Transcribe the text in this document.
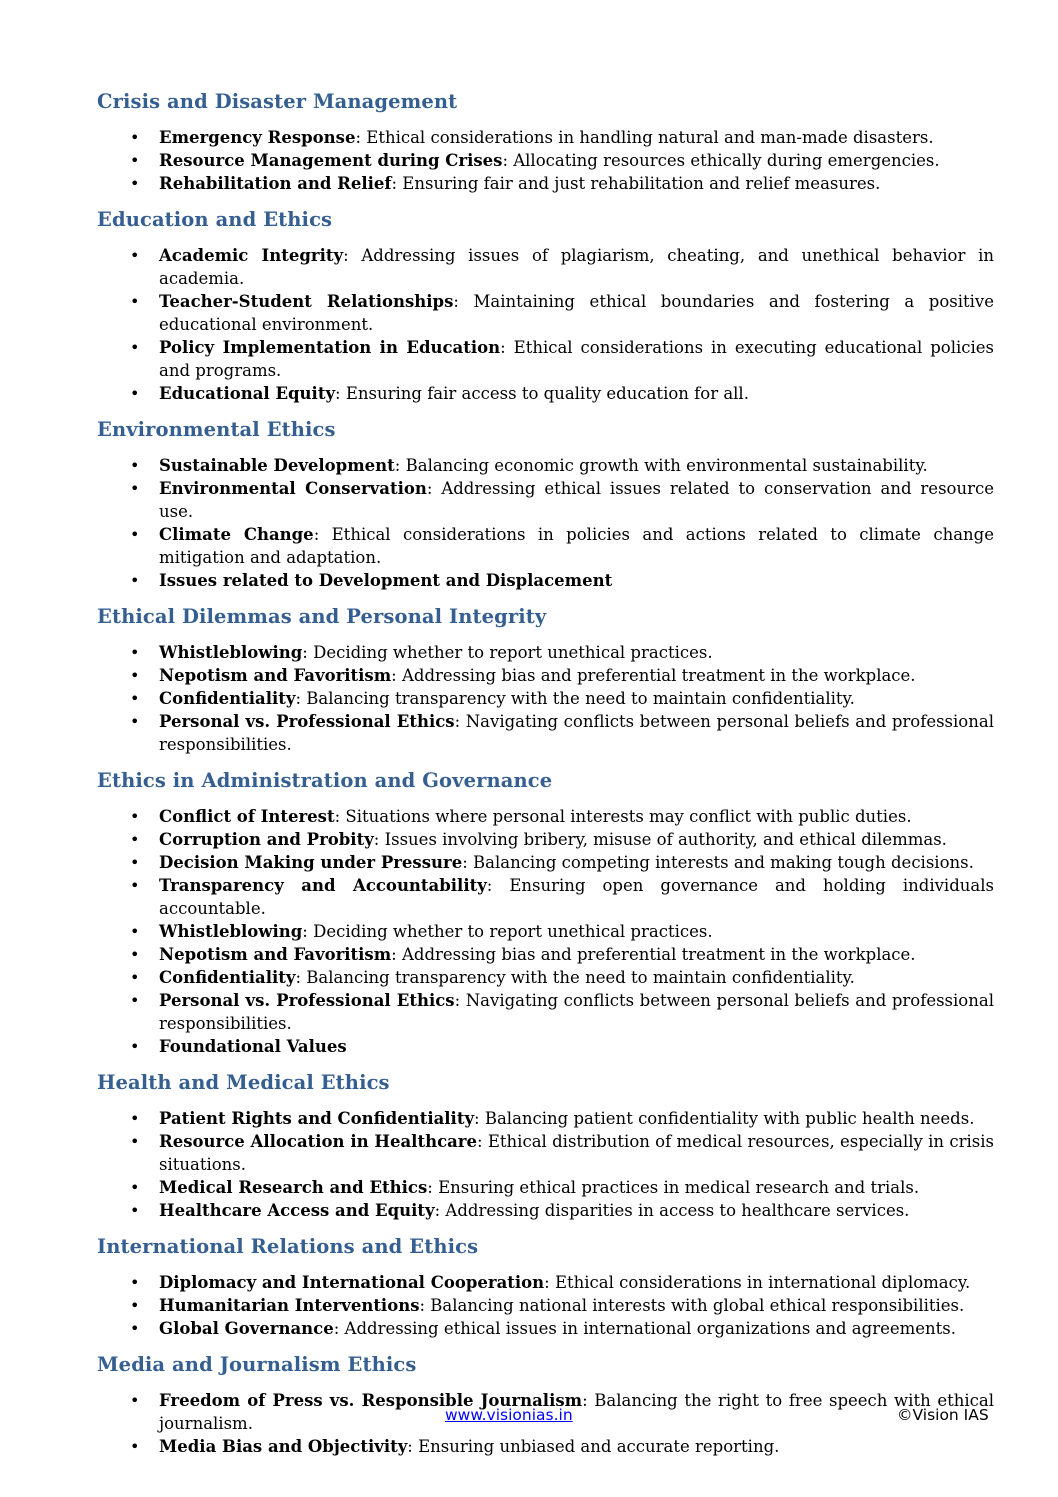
Crisis and Disaster Management
• Emergency Response: Ethical considerations in handling natural and man-made disasters.
• Resource Management during Crises: Allocating resources ethically during emergencies.
• Rehabilitation and Relief: Ensuring fair and just rehabilitation and relief measures.
Education and Ethics
• Academic Integrity: Addressing issues of plagiarism, cheating, and unethical behavior in academia.
• Teacher-Student Relationships: Maintaining ethical boundaries and fostering a positive educational environment.
• Policy Implementation in Education: Ethical considerations in executing educational policies and programs.
• Educational Equity: Ensuring fair access to quality education for all.
Environmental Ethics
• Sustainable Development: Balancing economic growth with environmental sustainability.
• Environmental Conservation: Addressing ethical issues related to conservation and resource use.
• Climate Change: Ethical considerations in policies and actions related to climate change mitigation and adaptation.
• Issues related to Development and Displacement
Ethical Dilemmas and Personal Integrity
• Whistleblowing: Deciding whether to report unethical practices.
• Nepotism and Favoritism: Addressing bias and preferential treatment in the workplace.
• Confidentiality: Balancing transparency with the need to maintain confidentiality.
• Personal vs. Professional Ethics: Navigating conflicts between personal beliefs and professional responsibilities.
Ethics in Administration and Governance
• Conflict of Interest: Situations where personal interests may conflict with public duties.
• Corruption and Probity: Issues involving bribery, misuse of authority, and ethical dilemmas.
• Decision Making under Pressure: Balancing competing interests and making tough decisions.
• Transparency and Accountability: Ensuring open governance and holding individuals accountable.
• Whistleblowing: Deciding whether to report unethical practices.
• Nepotism and Favoritism: Addressing bias and preferential treatment in the workplace.
• Confidentiality: Balancing transparency with the need to maintain confidentiality.
• Personal vs. Professional Ethics: Navigating conflicts between personal beliefs and professional responsibilities.
• Foundational Values
Health and Medical Ethics
• Patient Rights and Confidentiality: Balancing patient confidentiality with public health needs.
• Resource Allocation in Healthcare: Ethical distribution of medical resources, especially in crisis situations.
• Medical Research and Ethics: Ensuring ethical practices in medical research and trials.
• Healthcare Access and Equity: Addressing disparities in access to healthcare services.
International Relations and Ethics
• Diplomacy and International Cooperation: Ethical considerations in international diplomacy.
• Humanitarian Interventions: Balancing national interests with global ethical responsibilities.
• Global Governance: Addressing ethical issues in international organizations and agreements.
Media and Journalism Ethics
• Freedom of Press vs. Responsible Journalism: Balancing the right to free speech with ethical journalism.
• Media Bias and Objectivity: Ensuring unbiased and accurate reporting.
www.visionias.in	©Vision IAS
